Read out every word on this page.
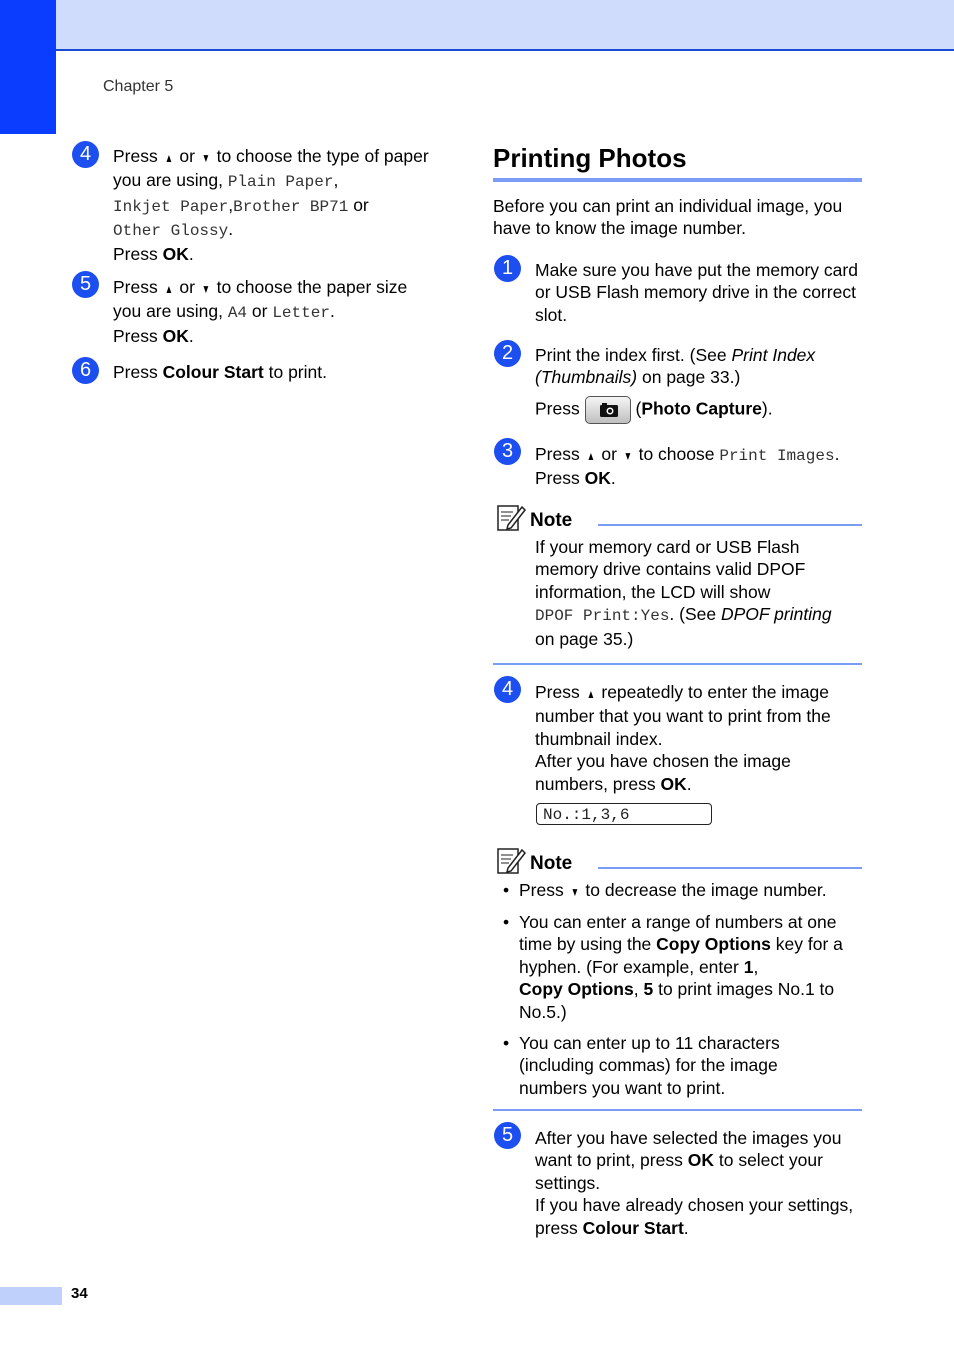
Chapter 5
4	Press ▲ or ▼ to choose the type of paper
you are using, Plain Paper,
Inkjet Paper,Brother BP71 or
Other Glossy.
Press OK.
5	Press ▲ or ▼ to choose the paper size
you are using, A4 or Letter.
Press OK.
6	Press Colour Start to print.
Printing Photos
Before you can print an individual image, you have to know the image number.
1	Make sure you have put the memory card or USB Flash memory drive in the correct slot.
2	Print the index first. (See Print Index (Thumbnails) on page 33.)
Press	(Photo Capture).
3	Press ▲ or ▼ to choose Print Images.
Press OK.
Note
If your memory card or USB Flash memory drive contains valid DPOF information, the LCD will show
DPOF Print:Yes. (See DPOF printing
on page 35.)
4	Press ▲ repeatedly to enter the image number that you want to print from the thumbnail index.
After you have chosen the image numbers, press OK.
No.:1,3,6
Note
• Press ▼ to decrease the image number.
• You can enter a range of numbers at one time by using the Copy Options key for a hyphen. (For example, enter 1,
Copy Options, 5 to print images No.1 to No.5.)
• You can enter up to 11 characters (including commas) for the image numbers you want to print.
5	After you have selected the images you want to print, press OK to select your settings.
If you have already chosen your settings, press Colour Start.
34
